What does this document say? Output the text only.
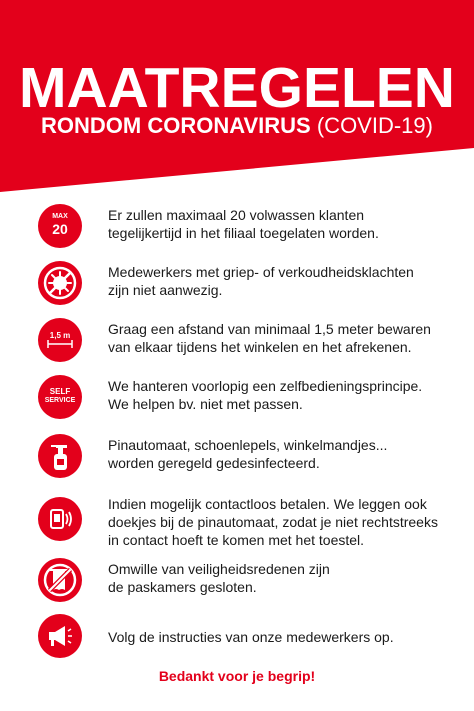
MAATREGELEN
RONDOM CORONAVIRUS (COVID-19)
MAX
20
Er zullen maximaal 20 volwassen klanten
tegelijkertijd in het filiaal toegelaten worden.
Medewerkers met griep- of verkoudheidsklachten
zijn niet aanwezig.
1,5 m	Graag een afstand van minimaal 1,5 meter bewaren
van elkaar tijdens het winkelen en het afrekenen.
SELF
SERVICE
We hanteren voorlopig een zelfbedieningsprincipe.
We helpen bv. niet met passen.
Pinautomaat, schoenlepels, winkelmandjes...
worden geregeld gedesinfecteerd.
Indien mogelijk contactloos betalen. We leggen ook
doekjes bij de pinautomaat, zodat je niet rechtstreeks
in contact hoeft te komen met het toestel.
Omwille van veiligheidsredenen zijn
de paskamers gesloten.
Volg de instructies van onze medewerkers op.
Bedankt voor je begrip!
